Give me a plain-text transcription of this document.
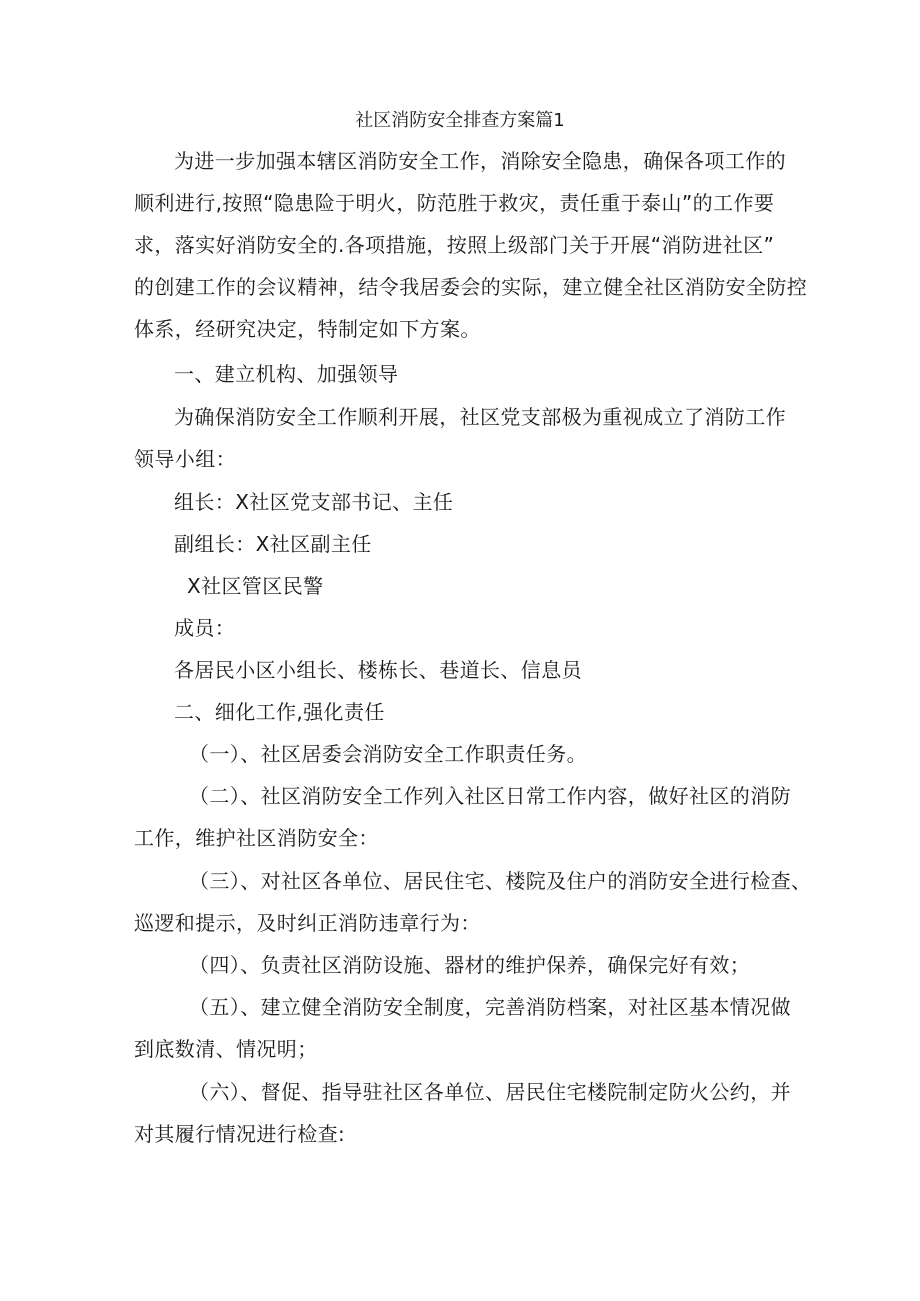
社区消防安全排查方案篇1
为进一步加强本辖区消防安全工作，消除安全隐患，确保各项工作的
顺利进行,按照“隐患险于明火，防范胜于救灾，责任重于泰山”的工作要
求，落实好消防安全的.各项措施，按照上级部门关于开展“消防进社区”
的创建工作的会议精神，结令我居委会的实际，建立健全社区消防安全防控
体系，经研究决定，特制定如下方案。
一、建立机构、加强领导
为确保消防安全工作顺利开展，社区党支部极为重视成立了消防工作
领导小组：
组长：X社区党支部书记、主任
副组长：X社区副主任
X社区管区民警
成员：
各居民小区小组长、楼栋长、巷道长、信息员
二、细化工作,强化责任
（一）、社区居委会消防安全工作职责任务。
（二）、社区消防安全工作列入社区日常工作内容，做好社区的消防
工作，维护社区消防安全：
（三）、对社区各单位、居民住宅、楼院及住户的消防安全进行检查、
巡逻和提示，及时纠正消防违章行为：
（四）、负责社区消防设施、器材的维护保养，确保完好有效；
（五）、建立健全消防安全制度，完善消防档案，对社区基本情况做
到底数清、情况明；
（六）、督促、指导驻社区各单位、居民住宅楼院制定防火公约，并
对其履行情况进行检查:
